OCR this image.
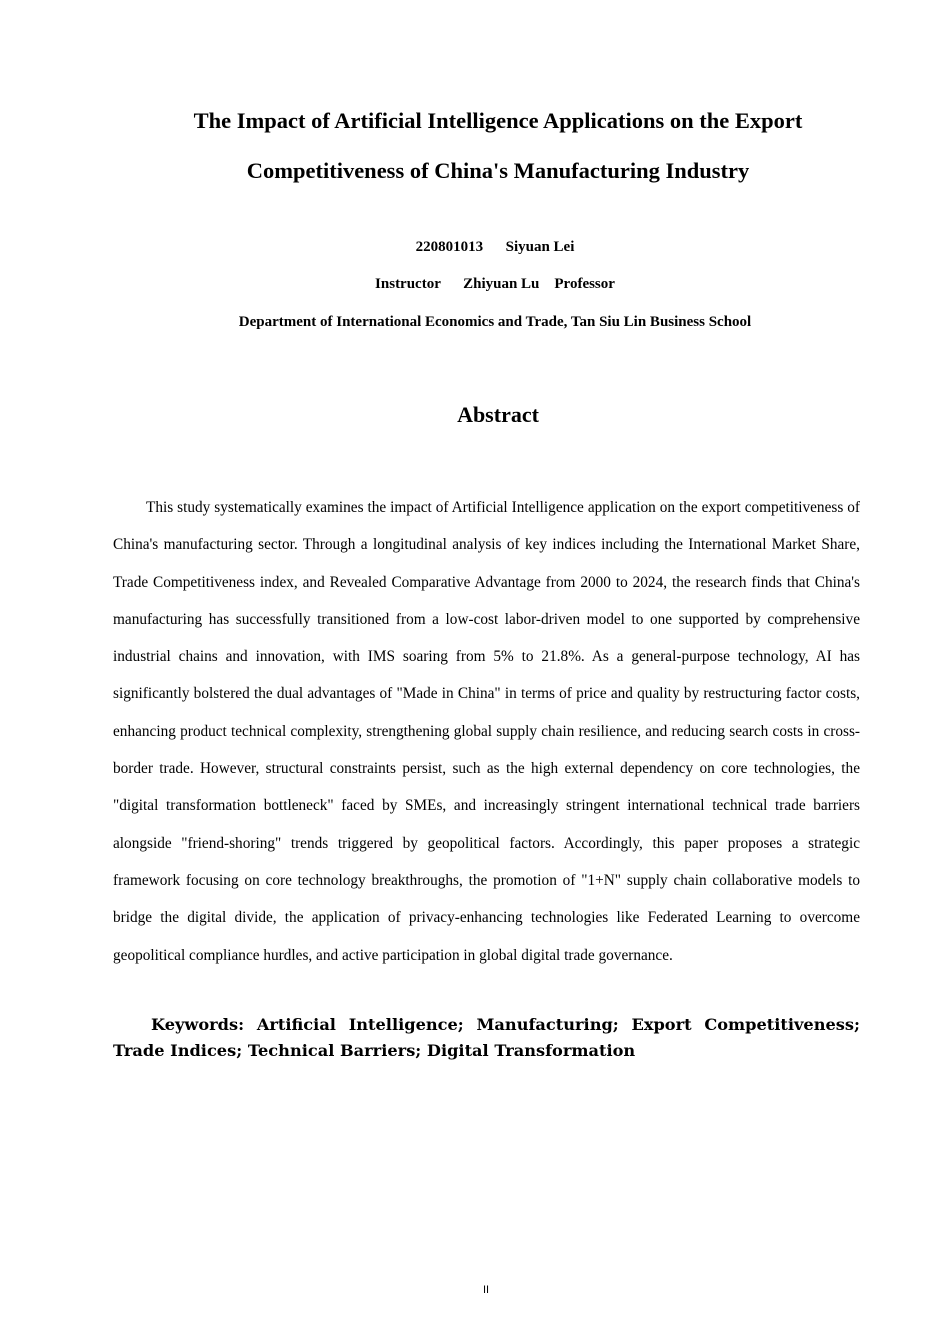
The Impact of Artificial Intelligence Applications on the Export
Competitiveness of China's Manufacturing Industry
220801013      Siyuan Lei
Instructor      Zhiyuan Lu    Professor
Department of International Economics and Trade, Tan Siu Lin Business School
Abstract

This study systematically examines the impact of Artificial Intelligence application on the export competitiveness of China's manufacturing sector. Through a longitudinal analysis of key indices including the International Market Share, Trade Competitiveness index, and Revealed Comparative Advantage from 2000 to 2024, the research finds that China's manufacturing has successfully transitioned from a low-cost labor-driven model to one supported by comprehensive industrial chains and innovation, with IMS soaring from 5% to 21.8%. As a general-purpose technology, AI has significantly bolstered the dual advantages of "Made in China" in terms of price and quality by restructuring factor costs, enhancing product technical complexity, strengthening global supply chain resilience, and reducing search costs in cross-border trade. However, structural constraints persist, such as the high external dependency on core technologies, the "digital transformation bottleneck" faced by SMEs, and increasingly stringent international technical trade barriers alongside "friend-shoring" trends triggered by geopolitical factors. Accordingly, this paper proposes a strategic framework focusing on core technology breakthroughs, the promotion of "1+N" supply chain collaborative models to bridge the digital divide, the application of privacy-enhancing technologies like Federated Learning to overcome geopolitical compliance hurdles, and active participation in global digital trade governance.

Keywords: Artificial Intelligence; Manufacturing; Export Competitiveness; Trade Indices; Technical Barriers; Digital Transformation

II
